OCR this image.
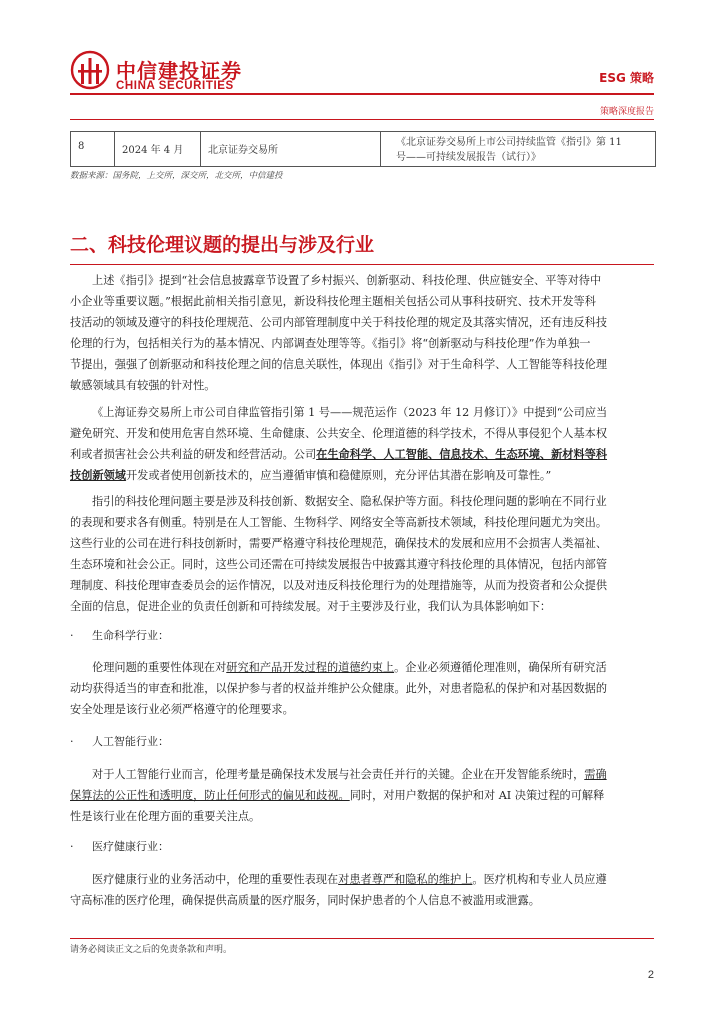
中信建投证券
CHINA SECURITIES
ESG 策略
策略深度报告
8	2024 年 4 月	北京证券交易所
《北京证券交易所上市公司持续监管《指引》第 11
号——可持续发展报告（试行）》
数据来源：国务院，上交所，深交所，北交所，中信建投
二、科技伦理议题的提出与涉及行业
上述《指引》提到“社会信息披露章节设置了乡村振兴、创新驱动、科技伦理、供应链安全、平等对待中
小企业等重要议题。”根据此前相关指引意见，新设科技伦理主题相关包括公司从事科技研究、技术开发等科
技活动的领域及遵守的科技伦理规范、公司内部管理制度中关于科技伦理的规定及其落实情况，还有违反科技
伦理的行为，包括相关行为的基本情况、内部调查处理等等。《指引》将“创新驱动与科技伦理”作为单独一
节提出，强强了创新驱动和科技伦理之间的信息关联性，体现出《指引》对于生命科学、人工智能等科技伦理
敏感领域具有较强的针对性。
《上海证券交易所上市公司自律监管指引第 1 号——规范运作（2023 年 12 月修订）》中提到“公司应当
避免研究、开发和使用危害自然环境、生命健康、公共安全、伦理道德的科学技术，不得从事侵犯个人基本权
利或者损害社会公共利益的研发和经营活动。公司在生命科学、人工智能、信息技术、生态环境、新材料等科
技创新领域开发或者使用创新技术的，应当遵循审慎和稳健原则，充分评估其潜在影响及可靠性。”
指引的科技伦理问题主要是涉及科技创新、数据安全、隐私保护等方面。科技伦理问题的影响在不同行业
的表现和要求各有侧重。特别是在人工智能、生物科学、网络安全等高新技术领域，科技伦理问题尤为突出。
这些行业的公司在进行科技创新时，需要严格遵守科技伦理规范，确保技术的发展和应用不会损害人类福祉、
生态环境和社会公正。同时，这些公司还需在可持续发展报告中披露其遵守科技伦理的具体情况，包括内部管
理制度、科技伦理审查委员会的运作情况，以及对违反科技伦理行为的处理措施等，从而为投资者和公众提供
全面的信息，促进企业的负责任创新和可持续发展。对于主要涉及行业，我们认为具体影响如下：
· 生命科学行业：
伦理问题的重要性体现在对研究和产品开发过程的道德约束上。企业必须遵循伦理准则，确保所有研究活
动均获得适当的审查和批准，以保护参与者的权益并维护公众健康。此外，对患者隐私的保护和对基因数据的
安全处理是该行业必须严格遵守的伦理要求。
· 人工智能行业：
对于人工智能行业而言，伦理考量是确保技术发展与社会责任并行的关键。企业在开发智能系统时，需确
保算法的公正性和透明度，防止任何形式的偏见和歧视。同时，对用户数据的保护和对 AI 决策过程的可解释
性是该行业在伦理方面的重要关注点。
· 医疗健康行业：
医疗健康行业的业务活动中，伦理的重要性表现在对患者尊严和隐私的维护上。医疗机构和专业人员应遵
守高标准的医疗伦理，确保提供高质量的医疗服务，同时保护患者的个人信息不被滥用或泄露。
请务必阅读正文之后的免责条款和声明。
2
